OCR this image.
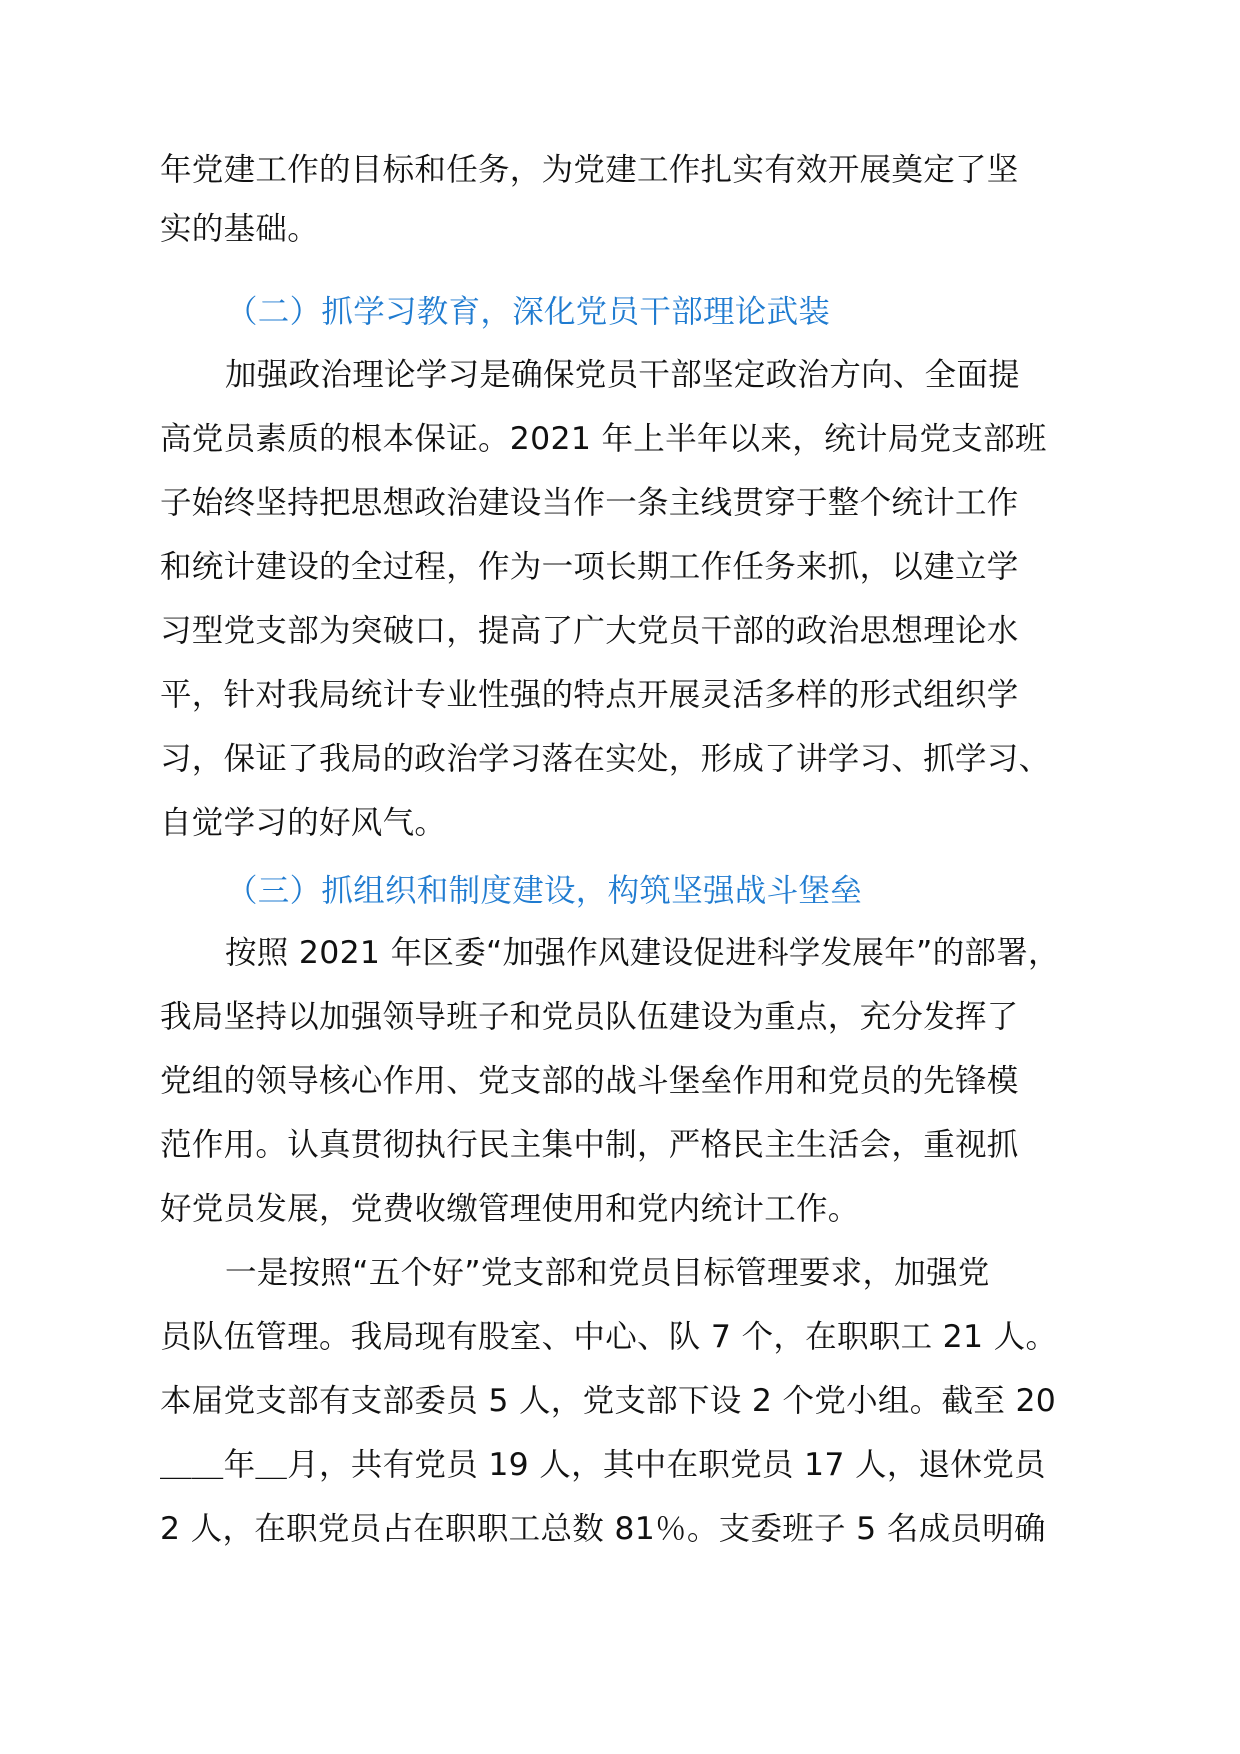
年党建工作的目标和任务，为党建工作扎实有效开展奠定了坚
实的基础。
（二）抓学习教育，深化党员干部理论武装
加强政治理论学习是确保党员干部坚定政治方向、全面提
高党员素质的根本保证。2021 年上半年以来，统计局党支部班
子始终坚持把思想政治建设当作一条主线贯穿于整个统计工作
和统计建设的全过程，作为一项长期工作任务来抓，以建立学
习型党支部为突破口，提高了广大党员干部的政治思想理论水
平，针对我局统计专业性强的特点开展灵活多样的形式组织学
习，保证了我局的政治学习落在实处，形成了讲学习、抓学习、
自觉学习的好风气。
（三）抓组织和制度建设，构筑坚强战斗堡垒
按照 2021 年区委“加强作风建设促进科学发展年”的部署，
我局坚持以加强领导班子和党员队伍建设为重点，充分发挥了
党组的领导核心作用、党支部的战斗堡垒作用和党员的先锋模
范作用。认真贯彻执行民主集中制，严格民主生活会，重视抓
好党员发展，党费收缴管理使用和党内统计工作。
一是按照“五个好”党支部和党员目标管理要求，加强党
员队伍管理。我局现有股室、中心、队 7 个，在职职工 21 人。
本届党支部有支部委员 5 人，党支部下设 2 个党小组。截至 20
＿＿年＿月，共有党员 19 人，其中在职党员 17 人，退休党员
2 人，在职党员占在职职工总数 81％。支委班子 5 名成员明确
